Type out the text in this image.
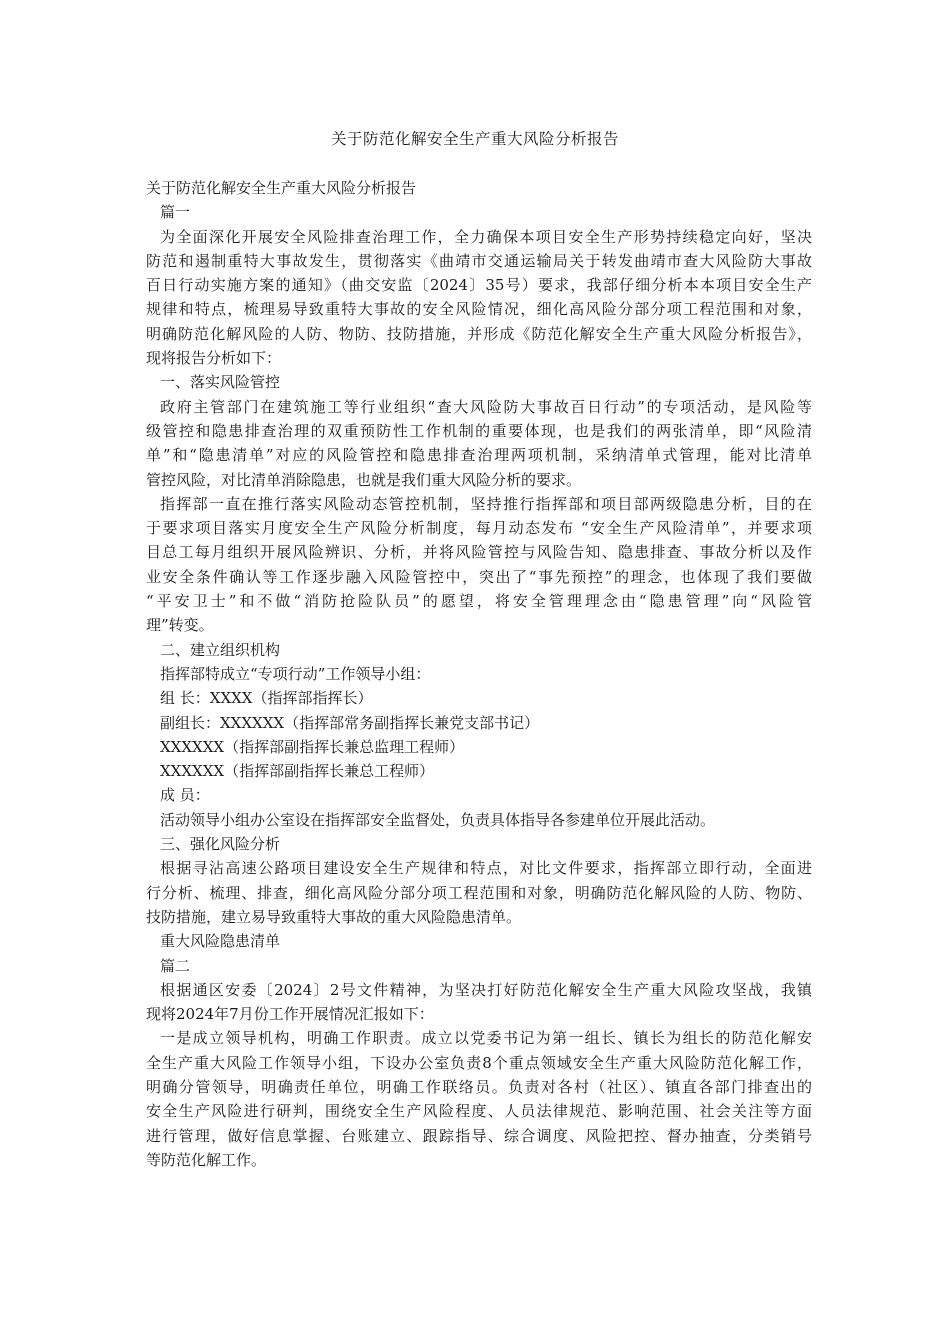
关于防范化解安全生产重大风险分析报告
关于防范化解安全生产重大风险分析报告
篇一
为全面深化开展安全风险排查治理工作，全力确保本项目安全生产形势持续稳定向好，坚决
防范和遏制重特大事故发生，贯彻落实《曲靖市交通运输局关于转发曲靖市查大风险防大事故
百日行动实施方案的通知》（曲交安监〔2024〕35号）要求，我部仔细分析本本项目安全生产
规律和特点，梳理易导致重特大事故的安全风险情况，细化高风险分部分项工程范围和对象，
明确防范化解风险的人防、物防、技防措施，并形成《防范化解安全生产重大风险分析报告》，
现将报告分析如下：
一、落实风险管控
政府主管部门在建筑施工等行业组织“查大风险防大事故百日行动”的专项活动，是风险等
级管控和隐患排查治理的双重预防性工作机制的重要体现，也是我们的两张清单，即“风险清
单”和“隐患清单”对应的风险管控和隐患排查治理两项机制，采纳清单式管理，能对比清单
管控风险，对比清单消除隐患，也就是我们重大风险分析的要求。
指挥部一直在推行落实风险动态管控机制，坚持推行指挥部和项目部两级隐患分析，目的在
于要求项目落实月度安全生产风险分析制度，每月动态发布 “安全生产风险清单”，并要求项
目总工每月组织开展风险辨识、分析，并将风险管控与风险告知、隐患排查、事故分析以及作
业安全条件确认等工作逐步融入风险管控中，突出了“事先预控”的理念，也体现了我们要做
“平安卫士”和不做“消防抢险队员”的愿望，将安全管理理念由“隐患管理”向“风险管
理”转变。
二、建立组织机构
指挥部特成立“专项行动”工作领导小组：
组 长：XXXX（指挥部指挥长）
副组长：XXXXXX（指挥部常务副指挥长兼党支部书记）
XXXXXX（指挥部副指挥长兼总监理工程师）
XXXXXX（指挥部副指挥长兼总工程师）
成 员：
活动领导小组办公室设在指挥部安全监督处，负责具体指导各参建单位开展此活动。
三、强化风险分析
根据寻沾高速公路项目建设安全生产规律和特点，对比文件要求，指挥部立即行动，全面进
行分析、梳理、排查，细化高风险分部分项工程范围和对象，明确防范化解风险的人防、物防、
技防措施，建立易导致重特大事故的重大风险隐患清单。
重大风险隐患清单
篇二
根据通区安委〔2024〕2号文件精神，为坚决打好防范化解安全生产重大风险攻坚战，我镇
现将2024年7月份工作开展情况汇报如下：
一是成立领导机构，明确工作职责。成立以党委书记为第一组长、镇长为组长的防范化解安
全生产重大风险工作领导小组，下设办公室负责8个重点领域安全生产重大风险防范化解工作，
明确分管领导，明确责任单位，明确工作联络员。负责对各村（社区）、镇直各部门排查出的
安全生产风险进行研判，围绕安全生产风险程度、人员法律规范、影响范围、社会关注等方面
进行管理，做好信息掌握、台账建立、跟踪指导、综合调度、风险把控、督办抽查，分类销号
等防范化解工作。
